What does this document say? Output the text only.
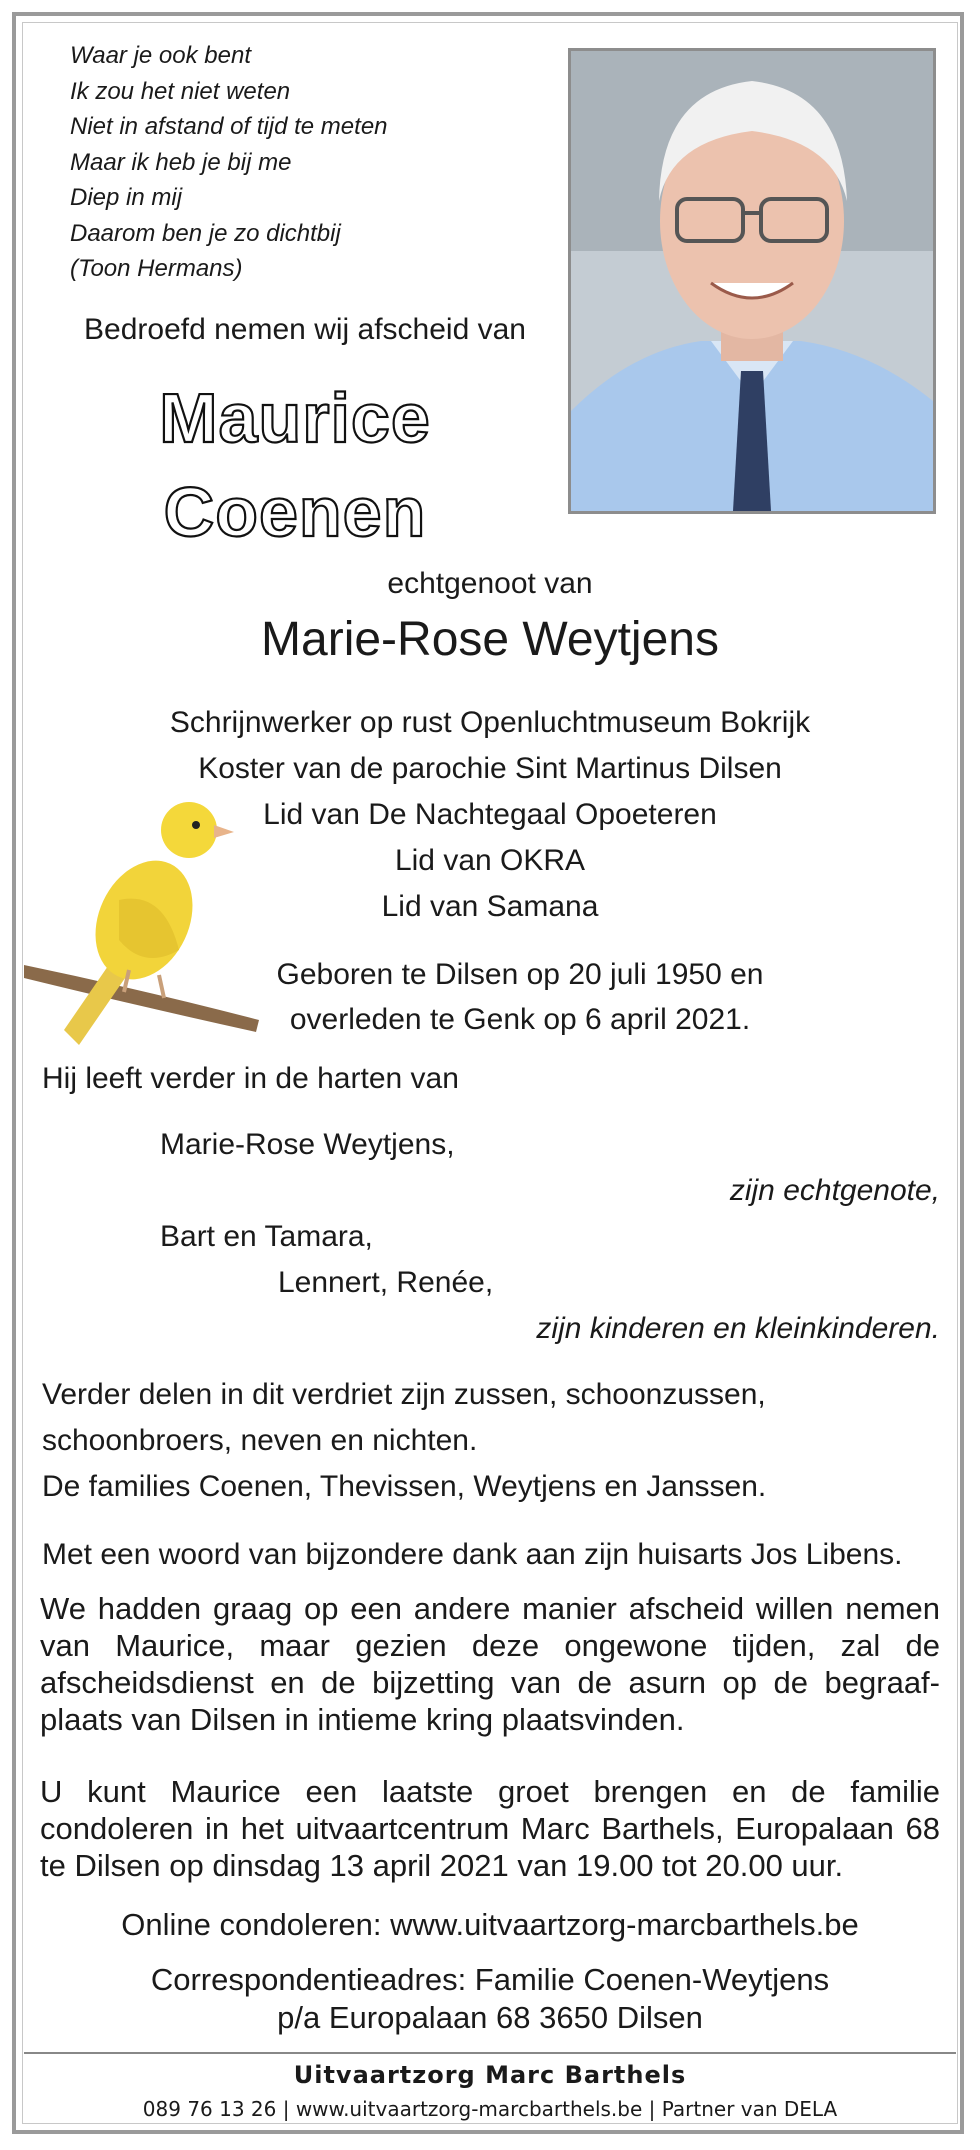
Waar je ook bent
Ik zou het niet weten
Niet in afstand of tijd te meten
Maar ik heb je bij me
Diep in mij
Daarom ben je zo dichtbij
(Toon Hermans)
Bedroefd nemen wij afscheid van
Maurice
Coenen
echtgenoot van
Marie-Rose Weytjens
Schrijnwerker op rust Openluchtmuseum Bokrijk
Koster van de parochie Sint Martinus Dilsen
Lid van De Nachtegaal Opoeteren
Lid van OKRA
Lid van Samana
Geboren te Dilsen op 20 juli 1950 en
overleden te Genk op 6 april 2021.
Hij leeft verder in de harten van
Marie-Rose Weytjens,
zijn echtgenote,
Bart en Tamara,
Lennert, Renée,
zijn kinderen en kleinkinderen.
Verder delen in dit verdriet zijn zussen, schoonzussen,
schoonbroers, neven en nichten.
De families Coenen, Thevissen, Weytjens en Janssen.
Met een woord van bijzondere dank aan zijn huisarts Jos Libens.
We hadden graag op een andere manier afscheid willen nemen van Maurice, maar gezien deze ongewone tijden, zal de afscheidsdienst en de bijzetting van de asurn op de begraaf-plaats van Dilsen in intieme kring plaatsvinden.
U kunt Maurice een laatste groet brengen en de familie condoleren in het uitvaartcentrum Marc Barthels, Europalaan 68 te Dilsen op dinsdag 13 april 2021 van 19.00 tot 20.00 uur.
Online condoleren: www.uitvaartzorg-marcbarthels.be
Correspondentieadres: Familie Coenen-Weytjens
p/a Europalaan 68 3650 Dilsen
Uitvaartzorg Marc Barthels
089 76 13 26 | www.uitvaartzorg-marcbarthels.be | Partner van DELA
